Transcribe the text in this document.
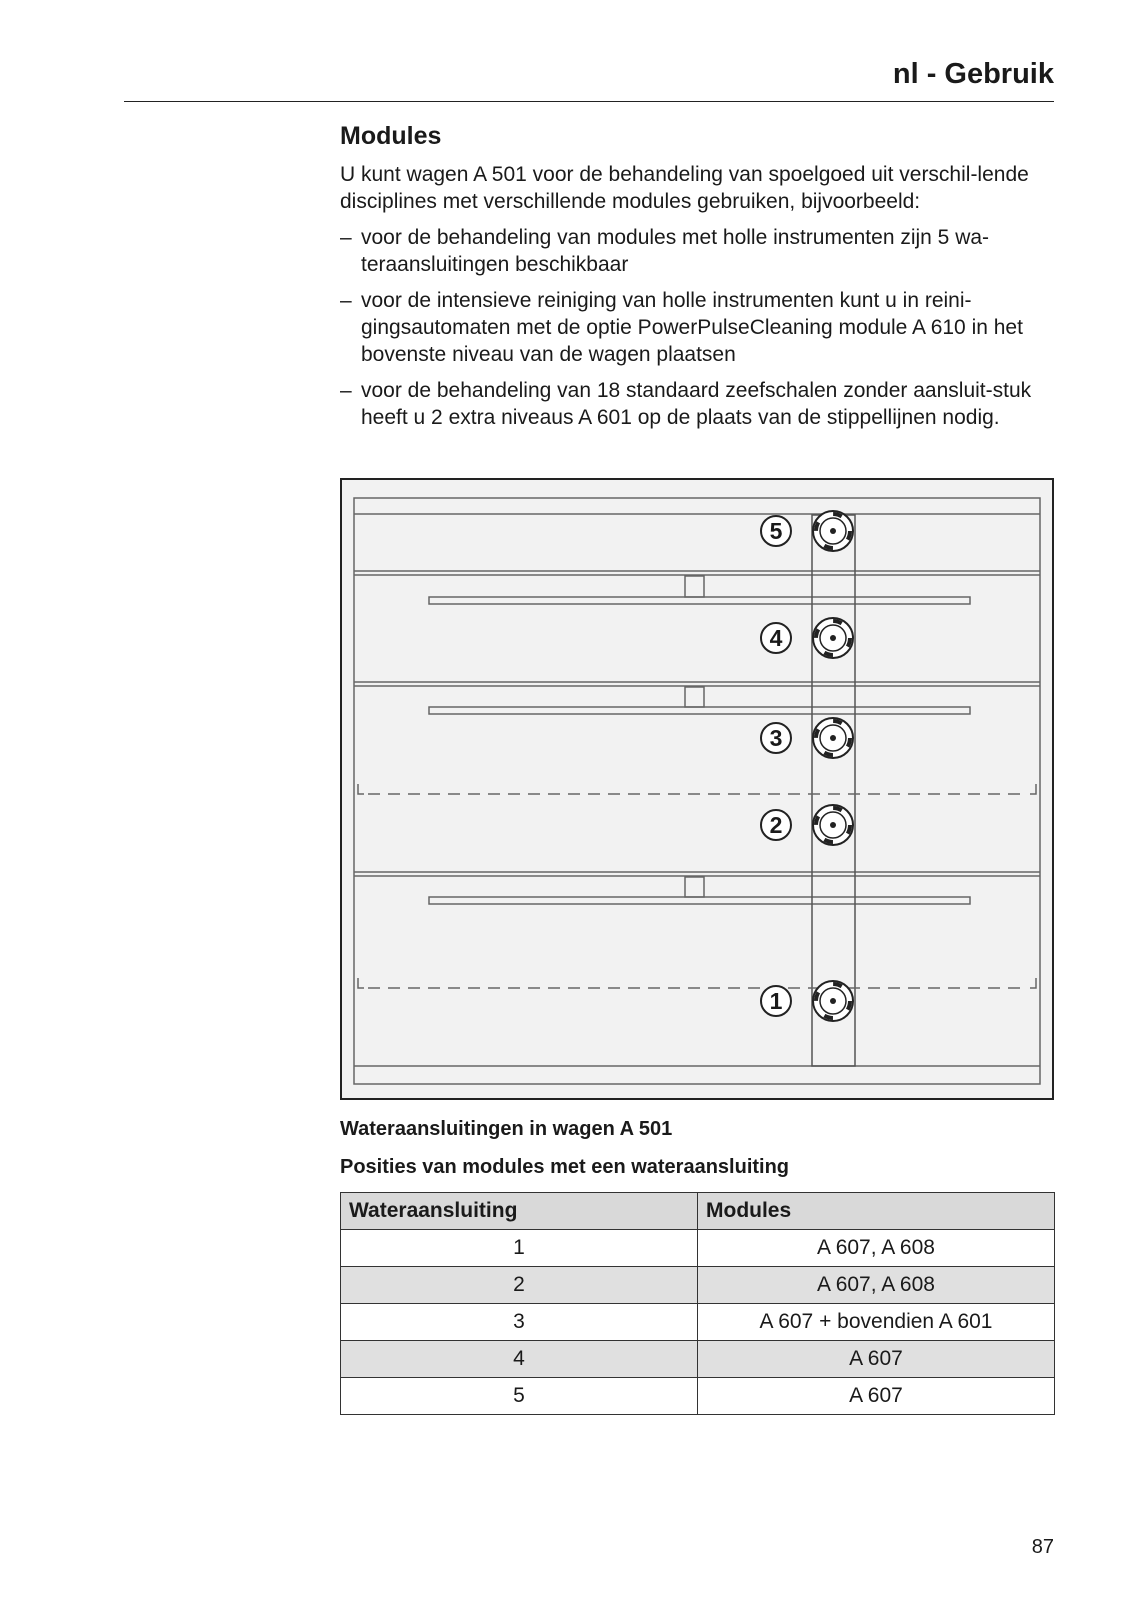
nl - Gebruik
Modules

U kunt wagen A 501 voor de behandeling van spoelgoed uit verschil-lende disciplines met verschillende modules gebruiken, bijvoorbeeld:

– voor de behandeling van modules met holle instrumenten zijn 5 wa-teraansluitingen beschikbaar
– voor de intensieve reiniging van holle instrumenten kunt u in reini-gingsautomaten met de optie PowerPulseCleaning module A 610 in het bovenste niveau van de wagen plaatsen
– voor de behandeling van 18 standaard zeefschalen zonder aansluit-stuk heeft u 2 extra niveaus A 601 op de plaats van de stippellijnen nodig.
5
4
3
2
1
Wateraansluitingen in wagen A 501
Posities van modules met een wateraansluiting
Wateraansluiting	Modules
1	A 607, A 608
2	A 607, A 608
3	A 607 + bovendien A 601
4	A 607
5	A 607
87
